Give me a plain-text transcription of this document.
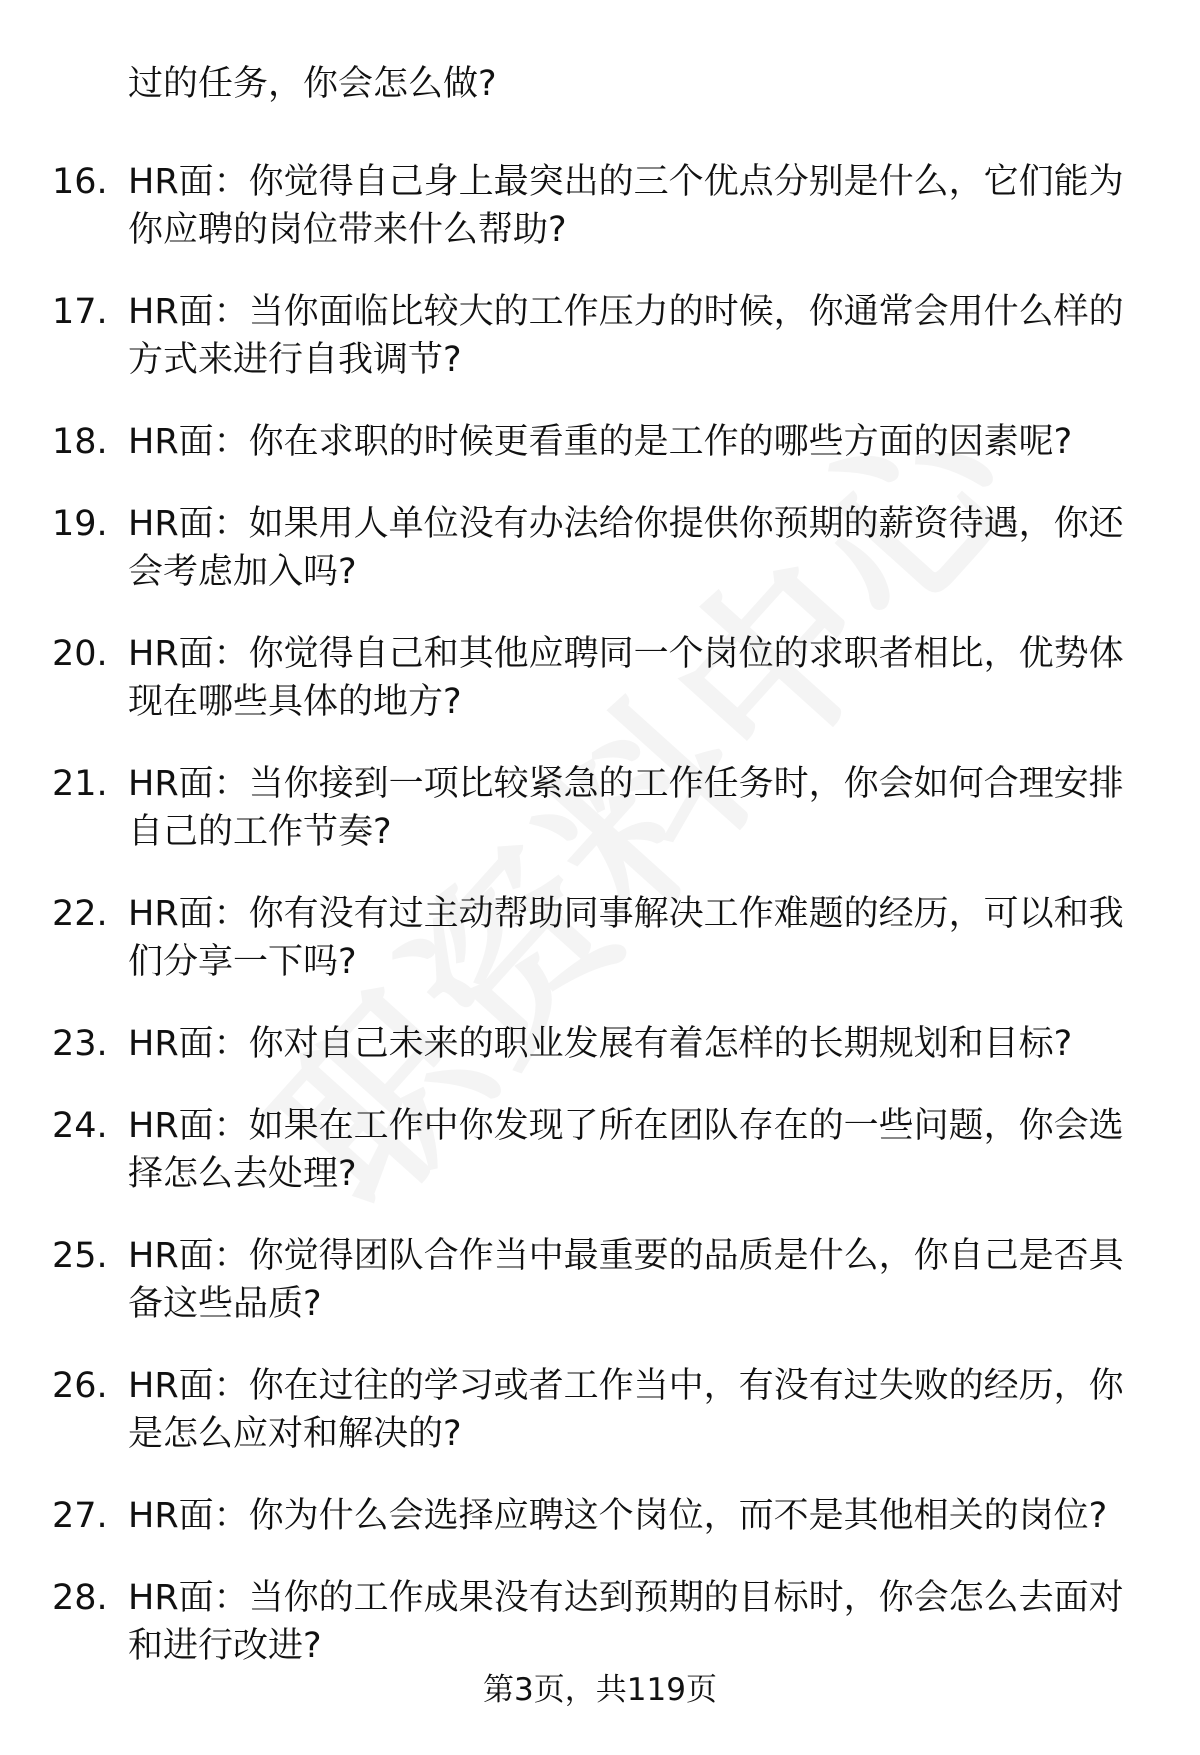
过的任务，你会怎么做?
16. HR面：你觉得自己身上最突出的三个优点分别是什么，它们能为你应聘的岗位带来什么帮助?
17. HR面：当你面临比较大的工作压力的时候，你通常会用什么样的方式来进行自我调节?
18. HR面：你在求职的时候更看重的是工作的哪些方面的因素呢?
19. HR面：如果用人单位没有办法给你提供你预期的薪资待遇，你还会考虑加入吗?
20. HR面：你觉得自己和其他应聘同一个岗位的求职者相比，优势体现在哪些具体的地方?
21. HR面：当你接到一项比较紧急的工作任务时，你会如何合理安排自己的工作节奏?
22. HR面：你有没有过主动帮助同事解决工作难题的经历，可以和我们分享一下吗?
23. HR面：你对自己未来的职业发展有着怎样的长期规划和目标?
24. HR面：如果在工作中你发现了所在团队存在的一些问题，你会选择怎么去处理?
25. HR面：你觉得团队合作当中最重要的品质是什么，你自己是否具备这些品质?
26. HR面：你在过往的学习或者工作当中，有没有过失败的经历，你是怎么应对和解决的?
27. HR面：你为什么会选择应聘这个岗位，而不是其他相关的岗位?
28. HR面：当你的工作成果没有达到预期的目标时，你会怎么去面对和进行改进?
第3页，共119页
